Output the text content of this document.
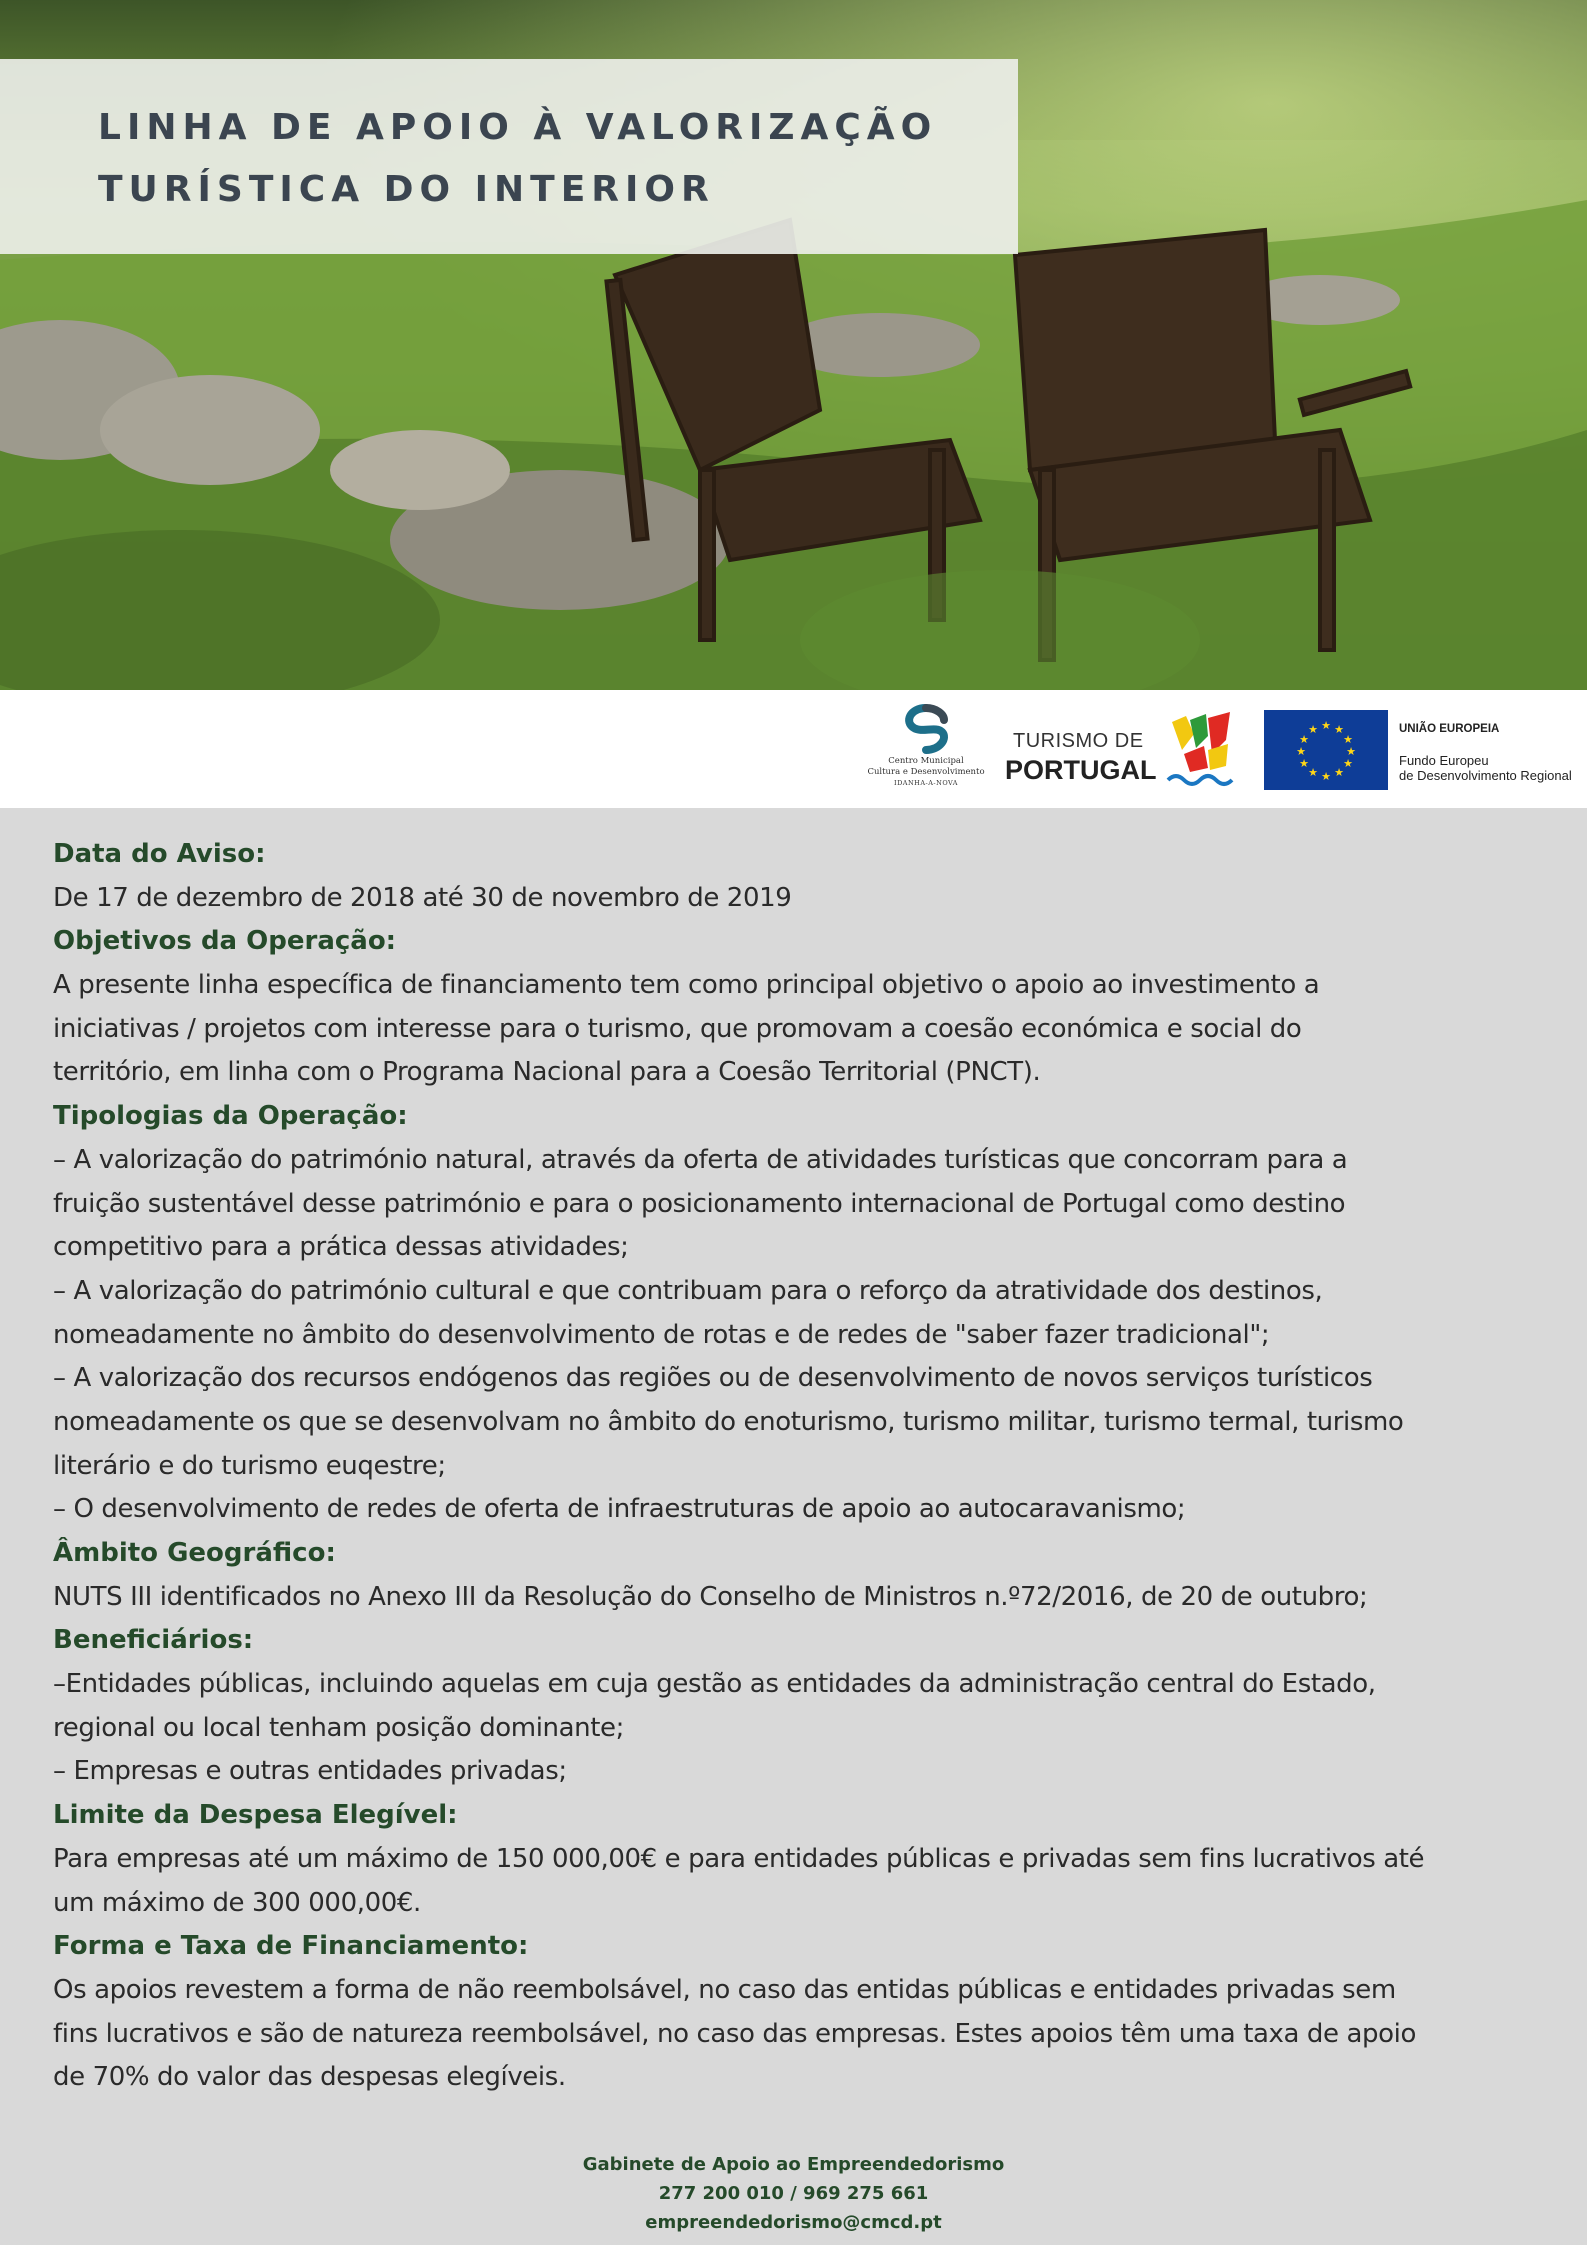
LINHA DE APOIO À VALORIZAÇÃO
TURÍSTICA DO INTERIOR
Centro Municipal
Cultura e Desenvolvimento
IDANHA-A-NOVA
TURISMO DE
PORTUGAL
★ ★
★
★
★
★
★
★
★
★
★
★	UNIÃO EUROPEIA
Fundo Europeu
de Desenvolvimento Regional
Data do Aviso:
De 17 de dezembro de 2018 até 30 de novembro de 2019
Objetivos da Operação:
A presente linha específica de financiamento tem como principal objetivo o apoio ao investimento a
iniciativas / projetos com interesse para o turismo, que promovam a coesão económica e social do
território, em linha com o Programa Nacional para a Coesão Territorial (PNCT).
Tipologias da Operação:
– A valorização do património natural, através da oferta de atividades turísticas que concorram para a
fruição sustentável desse património e para o posicionamento internacional de Portugal como destino
competitivo para a prática dessas atividades;
– A valorização do património cultural e que contribuam para o reforço da atratividade dos destinos,
nomeadamente no âmbito do desenvolvimento de rotas e de redes de "saber fazer tradicional";
– A valorização dos recursos endógenos das regiões ou de desenvolvimento de novos serviços turísticos
nomeadamente os que se desenvolvam no âmbito do enoturismo, turismo militar, turismo termal, turismo
literário e do turismo euqestre;
– O desenvolvimento de redes de oferta de infraestruturas de apoio ao autocaravanismo;
Âmbito Geográfico:
NUTS III identificados no Anexo III da Resolução do Conselho de Ministros n.º72/2016, de 20 de outubro;
Beneficiários:
–Entidades públicas, incluindo aquelas em cuja gestão as entidades da administração central do Estado,
regional ou local tenham posição dominante;
– Empresas e outras entidades privadas;
Limite da Despesa Elegível:
Para empresas até um máximo de 150 000,00€ e para entidades públicas e privadas sem fins lucrativos até
um máximo de 300 000,00€.
Forma e Taxa de Financiamento:
Os apoios revestem a forma de não reembolsável, no caso das entidas públicas e entidades privadas sem
fins lucrativos e são de natureza reembolsável, no caso das empresas. Estes apoios têm uma taxa de apoio
de 70% do valor das despesas elegíveis.
Gabinete de Apoio ao Empreendedorismo
277 200 010 / 969 275 661
empreendedorismo@cmcd.pt
